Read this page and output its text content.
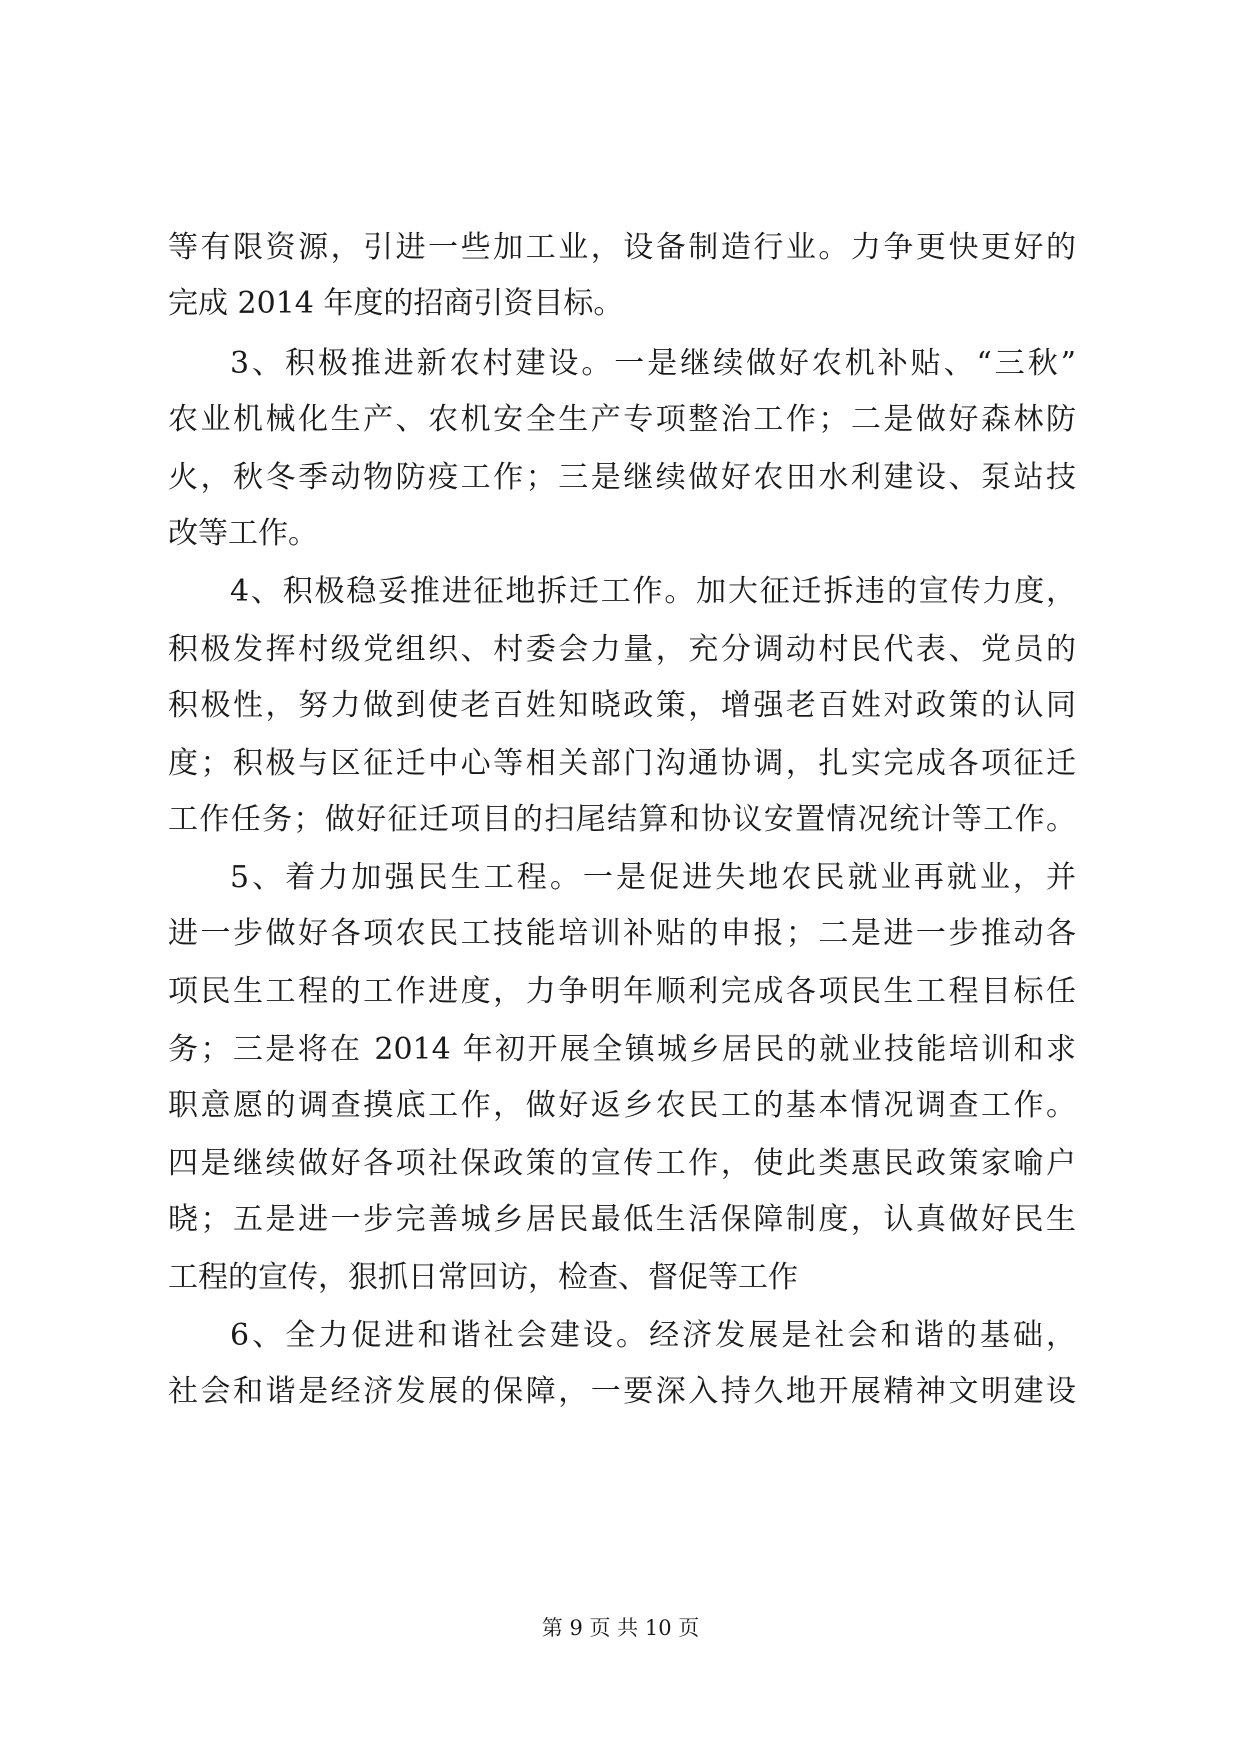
等有限资源，引进一些加工业，设备制造行业。力争更快更好的
完成 2014 年度的招商引资目标。
3、积极推进新农村建设。一是继续做好农机补贴、“三秋”
农业机械化生产、农机安全生产专项整治工作；二是做好森林防
火，秋冬季动物防疫工作；三是继续做好农田水利建设、泵站技
改等工作。
4、积极稳妥推进征地拆迁工作。加大征迁拆违的宣传力度，
积极发挥村级党组织、村委会力量，充分调动村民代表、党员的
积极性，努力做到使老百姓知晓政策，增强老百姓对政策的认同
度；积极与区征迁中心等相关部门沟通协调，扎实完成各项征迁
工作任务；做好征迁项目的扫尾结算和协议安置情况统计等工作。
5、着力加强民生工程。一是促进失地农民就业再就业，并
进一步做好各项农民工技能培训补贴的申报；二是进一步推动各
项民生工程的工作进度，力争明年顺利完成各项民生工程目标任
务；三是将在 2014 年初开展全镇城乡居民的就业技能培训和求
职意愿的调查摸底工作，做好返乡农民工的基本情况调查工作。
四是继续做好各项社保政策的宣传工作，使此类惠民政策家喻户
晓；五是进一步完善城乡居民最低生活保障制度，认真做好民生
工程的宣传，狠抓日常回访，检查、督促等工作
6、全力促进和谐社会建设。经济发展是社会和谐的基础，
社会和谐是经济发展的保障，一要深入持久地开展精神文明建设
第 9 页 共 10 页
